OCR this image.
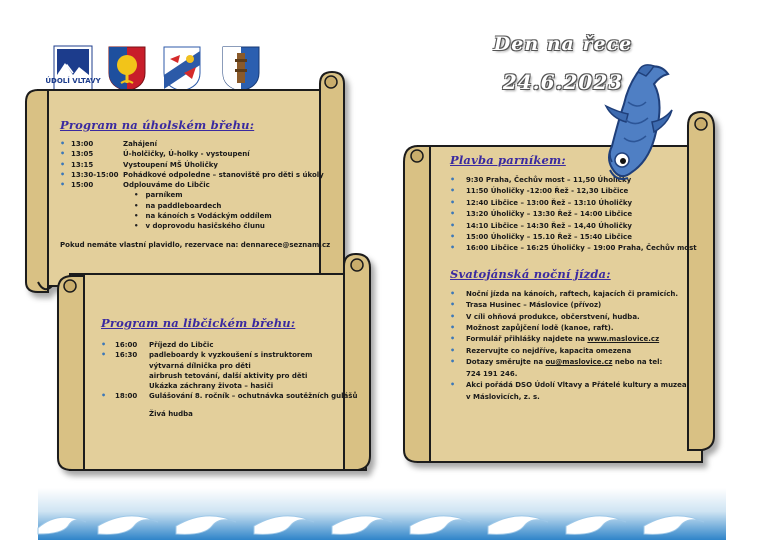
ÚDOLÍ VLTAVY
Den na řece
24.6.2023
Program na úholském břehu:
• 13:00	Zahájení
• 13:05	Ú-holčičky, Ú-holky - vystoupení
• 13:15	Vystoupení MŠ Úholičky
• 13:30-15:00 Pohádkové odpoledne – stanoviště pro děti s úkoly
• 15:00	Odplouváme do Libčic
• parníkem
• na paddleboardech
• na kánoích s Vodáckým oddílem
• v doprovodu hasičského člunu
Pokud nemáte vlastní plavidlo, rezervace na: dennarece@seznam.cz
Program na libčickém břehu:
•	16:00	Příjezd do Libčic
•	16:30	padleboardy k vyzkoušení s instruktorem
výtvarná dílnička pro děti
airbrush tetování, další aktivity pro děti
Ukázka záchrany života – hasiči
•	18:00	Gulášování 8. ročník – ochutnávka soutěžních gulášů
Živá hudba
Plavba parníkem:
•	9:30 Praha, Čechův most – 11,50 Úholičky
•	11:50 Úholičky -12:00 Řež - 12,30 Libčice
•	12:40 Libčice – 13:00 Řež – 13:10 Úholičky
•	13:20 Úholičky – 13:30 Řež – 14:00 Libčice
•	14:10 Libčice – 14:30 Řež – 14,40 Úholičky
•	15:00 Úholičky – 15.10 Řež – 15:40 Libčice
•	16:00 Libčice – 16:25 Úholičky – 19:00 Praha, Čechův most
Svatojánská noční jízda:
•	Noční jízda na kánoích, raftech, kajacích či pramicích.
•	Trasa Husinec – Máslovice (přívoz)
•	V cíli ohňová produkce, občerstvení, hudba.
•	Možnost zapůjčení lodě (kanoe, raft).
•	Formulář přihlášky najdete na www.maslovice.cz
•	Rezervujte co nejdříve, kapacita omezena
•	Dotazy směrujte na ou@maslovice.cz nebo na tel:
724 191 246.
•	Akci pořádá DSO Údolí Vltavy a Přátelé kultury a muzea
v Máslovicích, z. s.
